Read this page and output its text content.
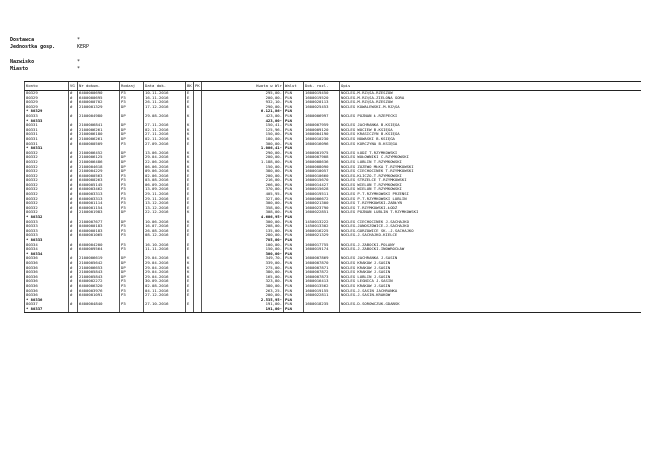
Dostawca	*
Jednostka gosp.	KERP
Nazwisko	*
Miasto	*
Konto	VG	Nr dokum.	Rodzaj	Data dok.	BK	PK	Kwota w Wlr	Walut	Dok. rozl.	Opis
80329	#	6400000690	P3	10.11.2016	E		295,00-	PLN	1600019450	NOCLEG-M.RZĄSA-RZESZÓW
80329	#	6400000695	P3	16.11.2016	E		200,00-	PLN	1600019520	NOCLEG-M.RZĄSA-ZIELONA GÓRA
80329	#	6400000702	P3	26.11.2016	E		932,10-	PLN	1600020113	NOCLEG-M.RZĄSA-RZESZÓW
80329	#	2100001329	DP	17.12.2016	K		290,00-	PLN	1600025453	NOCLEG KOWALEWSKI-M.RZĄSA
* 80329							6.121,86-	PLN		
80333	#	2100004980	DP	29.08.2016	K		423,00-	PLN	1600006997	NOCLEG POZNAŃ Ł.RZEPECKI
* 80333							423,00-	PLN		
80331	#	2100006841	DP	27.11.2016	K		150,41-	PLN	1600007959	NOCLEG JACHRANKA B.KSIĘGA
80331	#	2100006261	DP	02.11.2016	K		125,96-	PLN	1600009120	NOCLEG WOCIEW B.KSIĘGA
80331	#	2100006180	DP	27.11.2016	K		150,00-	PLN	1600004190	NOCLEG KRASICZYN B.KSIĘGA
80331	#	2100006261	DP	02.11.2016	K		180,00-	PLN	1600010230	NOCLEG NOWASKI B.KSIĘGA
80331	#	6400000509	P3	27.09.2016	E		300,00-	PLN	1600016096	NOCLEG KORCZYNA B.KSIĘGA
* 80331							1.006,41-	PLN		
80332	#	2100006452	DP	13.06.2016	K		290,00-	PLN	1600001975	NOCLEG ŁÓDŹ T.RZYMKOWSKI
80332	#	2100006125	DP	29.04.2016	K		200,00-	PLN	1600007908	NOCLEG WOŁOWNIKI C.RZYMKOWSKI
80332	#	2100006486	DP	22.06.2016	K		1.188,00-	PLN	1600008636	NOCLEG LUBLIN T.RZYMKOWSKI
80332	#	2100004618	DP	06.06.2016	K		150,00-	PLN	1600008090	NOCLEG ŻUŻEWO MŁKA T.RZYMKOWSKI
80332	#	2100004229	DP	09.06.2016	K		380,00-	PLN	1600010057	NOCLEG CIECHOCINEK T.RZYMKOWSKI
80332	#	6400000563	P3	02.06.2016	E		200,00-	PLN	1600010660	NOCLEG-KLICZÓ-T.RZYMKOWSKI
80332	#	6400000263	P3	03.08.2016	E		216,00-	PLN	1600015670	NOCLEG STRZELCE T.RZYMKOWSKI
80332	#	6400005145	P3	06.09.2016	E		266,00-	PLN	1600014427	NOCLEG WIELUŃ T.RZYMKOWSKI
80332	#	6400003462	P3	13.09.2016	E		370,00-	PLN	1600015628	NOCLEG WIELUŃ T.RZYMKOWSKI
80332	#	6400003313	P3	29.11.2016	E		405,95-	PLN	1600019511	NOCLEG P.T.RZYMKOWSKI PRZEŃSI
80332	#	6400003313	P3	29.11.2016	E		327,00-	PLN	1600006672	NOCLEG P.T.RZYMKOWSKI LUBLIN
80332	#	6400001114	P3	13.12.2016	E		300,00-	PLN	1600021300	NOCLEG T.RZYMKOWSKI-ZABŁYŃ
80332	#	6400001154	P3	13.12.2016	E		358,00-	PLN	1600023790	NOCLEG T.RZYMKOWSKI-ŁÓDŹ
80332	#	2100001983	DP	22.12.2016	K		308,00-	PLN	1600022851	NOCLEG POZNAŃ LUBLIN T.RZYMKOWSKI
* 80332							4.606,95-	PLN		
80333	#	2100007677	DP	10.06.2016	K		300,00-	PLN	1450013222	NOCLEG CIECHOCINEK J.SACHAJKO
80333	#	0400000183	P3	16.07.2016	E		208,00-	PLN	1450013302	NOCLEG-JANOSZOWICE-J.SACHAJKO
80333	#	6400000183	P3	26.08.2016	E		135,00-	PLN	1600016225	NOCLEG-GORZOWICE SK.-J.SACHAJKO
80333	#	6400001065	P3	08.12.2016	E		280,00-	PLN	1600021329	NOCLEG-J.SACHAJKO-KIELCE
* 80333							785,00-	PLN		
80334	#	6400004200	P3	16.10.2016	E		100,00-	PLN	1600017755	NOCLEG-J.ZABOCKI-POLANY
80334	#	6400009564	P3	11.11.2016	E		150,00-	PLN	1600019174	NOCLEG-J.ZABOCKI-INOWROCŁAW
* 80334							300,00-	PLN		
80336	#	2100006619	DP	29.04.2016	K		349,70-	PLN	1600007869	NOCLEG JACHRANKA J.SASIN
80336	#	2100005642	DP	29.04.2016	K		339,00-	PLN	1600007870	NOCLEG KRAKÓW J.SASIN
80336	#	2100006653	DP	29.04.2016	K		275,00-	PLN	1600007871	NOCLEG KRAKÓW J.SASIN
80336	#	2100005843	DP	29.04.2016	K		380,00-	PLN	1600007872	NOCLEG KRAKÓW J.SASIN
80336	#	2100005843	DP	29.04.2016	K		165,00-	PLN	1600007873	NOCLEG LUBLIN J.SASIN
80336	#	6400002272	P3	30.09.2016	E		323,80-	PLN	1600016413	NOCLEG LEGNICA J.SASIN
80336	#	6400006320	P3	02.08.2016	E		380,00-	PLN	1600013562	NOCLEG KRAKÓW J.SASIN
80336	#	6400003976	P3	04.11.2016	E		263,25-	PLN	1600019155	NOCLEG-J.SASIN JACHRANKA
80336	#	6400001091	P3	27.12.2016	E		200,00-	PLN	1600022811	NOCLEG-J.SASIN-KRAKÓW
* 80336							2.535,95-	PLN		
80337	#	6400004840	P3	27.10.2016	E		191,00-	PLN	1600018235	NOCLEG-D.SOROWCZUK-GDAŃSK
* 80337							191,00-	PLN		
